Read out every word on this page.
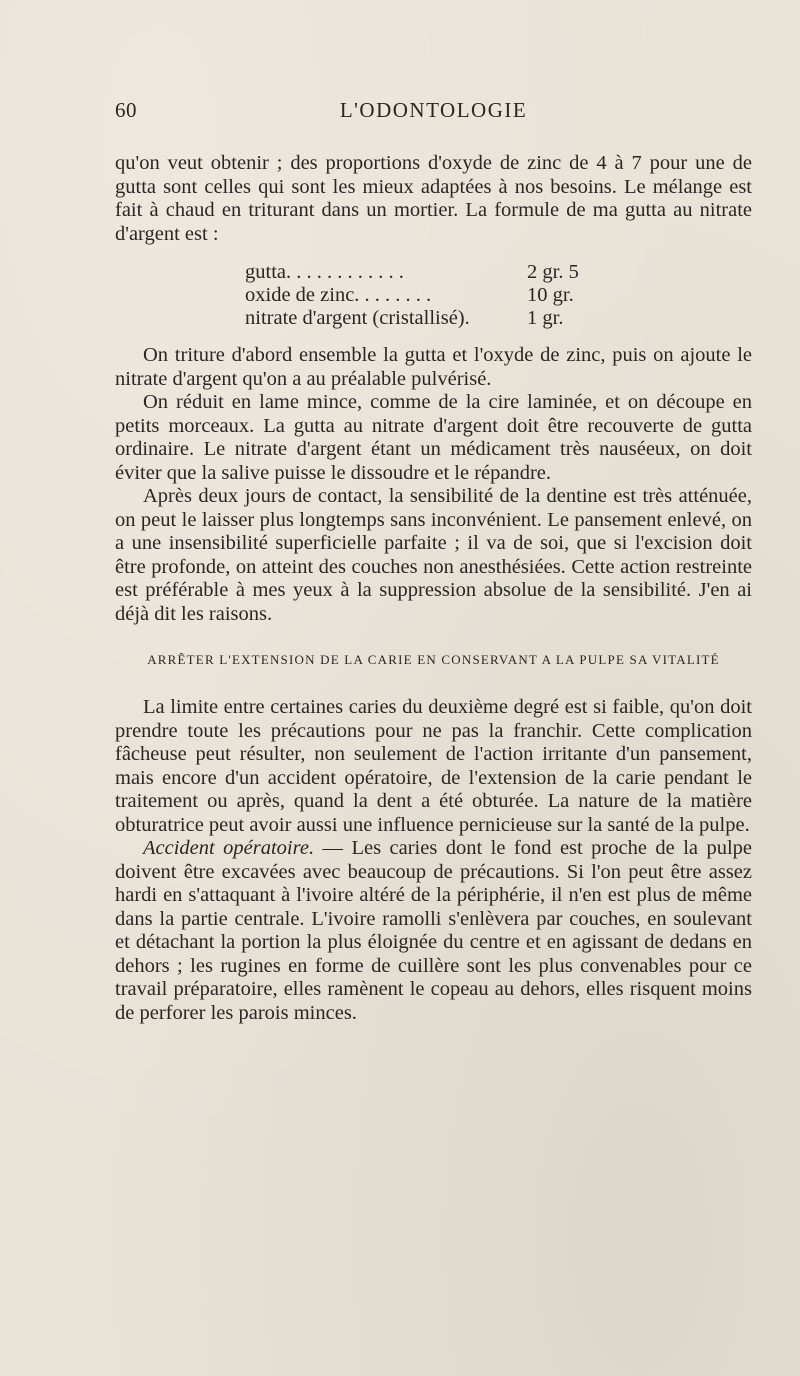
60	L'ODONTOLOGIE

qu'on veut obtenir ; des proportions d'oxyde de zinc de 4 à 7 pour une de gutta sont celles qui sont les mieux adaptées à nos besoins. Le mélange est fait à chaud en triturant dans un mortier. La formule de ma gutta au nitrate d'argent est :

gutta. . . . . . . . . . . .	2 gr. 5
oxide de zinc. . . . . . . .	10 gr.
nitrate d'argent (cristallisé).	1 gr.

On triture d'abord ensemble la gutta et l'oxyde de zinc, puis on ajoute le nitrate d'argent qu'on a au préalable pulvérisé.

On réduit en lame mince, comme de la cire laminée, et on découpe en petits morceaux. La gutta au nitrate d'argent doit être recouverte de gutta ordinaire. Le nitrate d'argent étant un médicament très nauséeux, on doit éviter que la salive puisse le dissoudre et le répandre.

Après deux jours de contact, la sensibilité de la dentine est très atténuée, on peut le laisser plus longtemps sans inconvénient. Le pansement enlevé, on a une insensibilité superficielle parfaite ; il va de soi, que si l'excision doit être profonde, on atteint des couches non anesthésiées. Cette action restreinte est préférable à mes yeux à la suppression absolue de la sensibilité. J'en ai déjà dit les raisons.

ARRÊTER L'EXTENSION DE LA CARIE EN CONSERVANT A LA PULPE SA VITALITÉ

La limite entre certaines caries du deuxième degré est si faible, qu'on doit prendre toute les précautions pour ne pas la franchir. Cette complication fâcheuse peut résulter, non seulement de l'action irritante d'un pansement, mais encore d'un accident opératoire, de l'extension de la carie pendant le traitement ou après, quand la dent a été obturée. La nature de la matière obturatrice peut avoir aussi une influence pernicieuse sur la santé de la pulpe.

Accident opératoire. — Les caries dont le fond est proche de la pulpe doivent être excavées avec beaucoup de précautions. Si l'on peut être assez hardi en s'attaquant à l'ivoire altéré de la périphérie, il n'en est plus de même dans la partie centrale. L'ivoire ramolli s'enlèvera par couches, en soulevant et détachant la portion la plus éloignée du centre et en agissant de dedans en dehors ; les rugines en forme de cuillère sont les plus convenables pour ce travail préparatoire, elles ramènent le copeau au dehors, elles risquent moins de perforer les parois minces.
